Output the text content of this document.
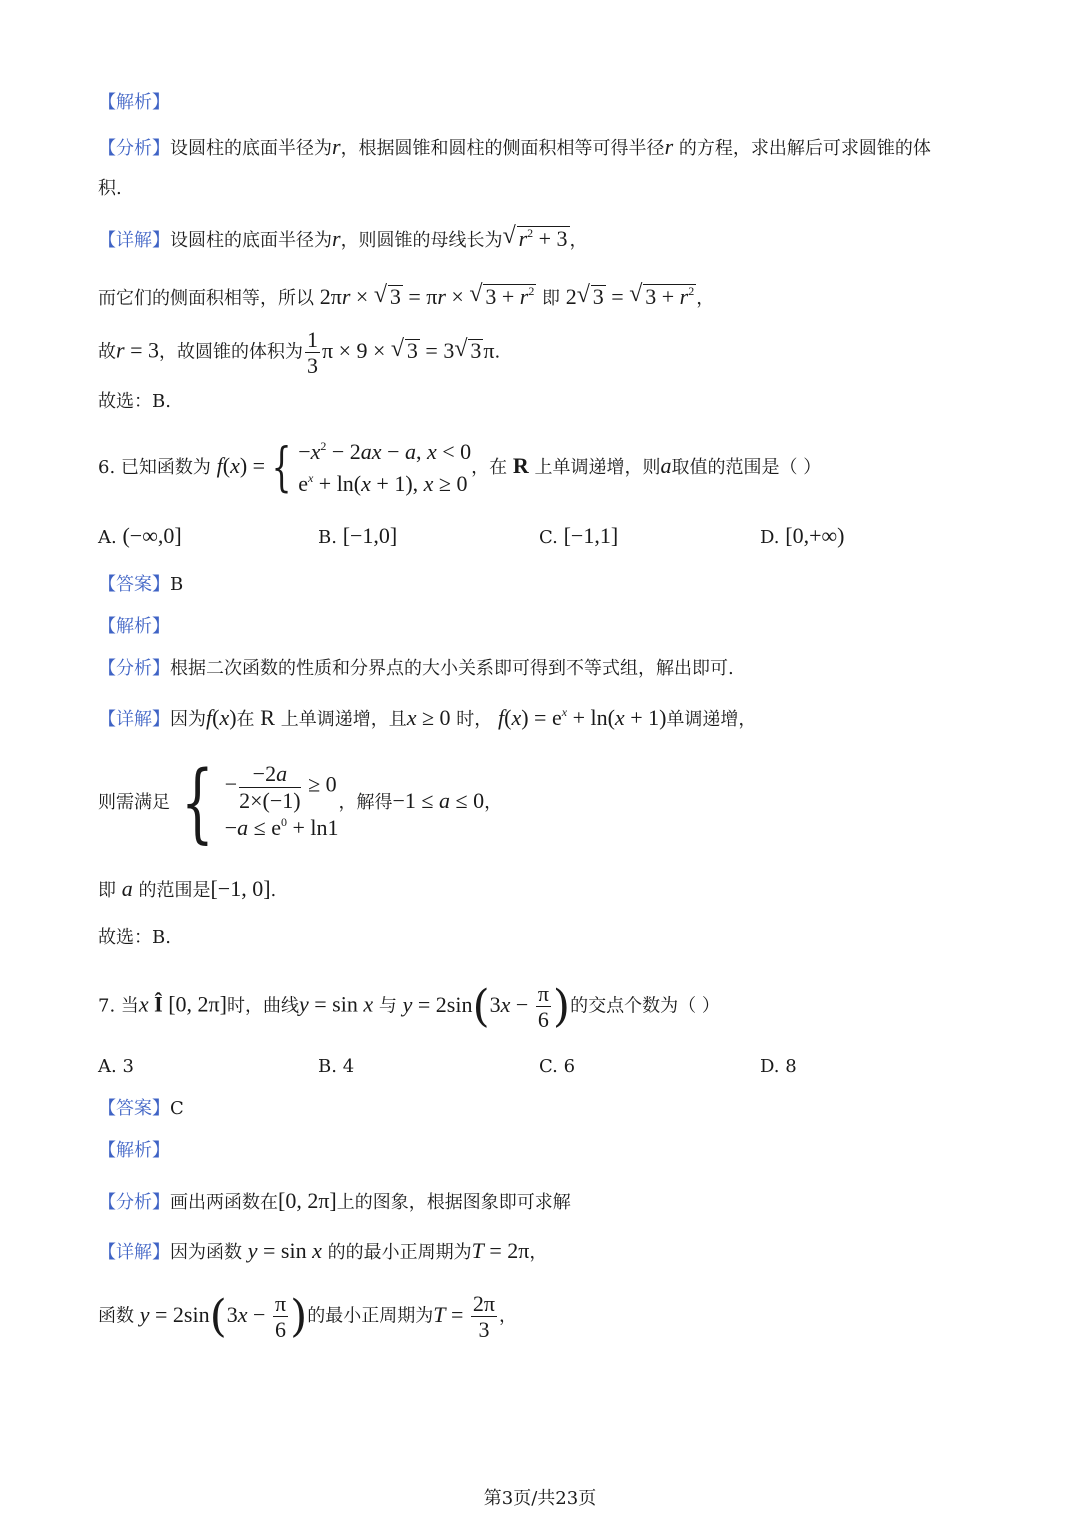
【解析】
【分析】设圆柱的底面半径为r，根据圆锥和圆柱的侧面积相等可得半径r 的方程，求出解后可求圆锥的体
积.
【详解】设圆柱的底面半径为r，则圆锥的母线长为 √ $r^2 + 3$ ，
而它们的侧面积相等，所以 2πr × √ 3 = πr × √ $3 + r^2$ 即 2 √ 3 = √ $3 + r^2$ ，
故r = 3，故圆锥的体积为 $\frac{1}{3}$ π × 9 × √ 3 = 3 √ 3π.
故选：B.
6. 已知函数为 f(x) = { $-x^2 - 2ax - a$, x < 0
$e^x + \ln(x + 1)$, x ≥ 0
，在 R 上单调递增，则a取值的范围是（ ）
A. (−∞,0]	B. [−1,0]	C. [−1,1]	D. [0,+∞)
【答案】B
【解析】
【分析】根据二次函数的性质和分界点的大小关系即可得到不等式组，解出即可.
【详解】因为f(x)在 R 上单调递增，且x ≥ 0 时， $f(x) = e^x + \ln(x + 1)$单调递增，
则需满足 { − $\frac{-2a}{2\times(-1)} \ge 0$
$-a \le e^0 + \ln 1$
，解得−1 ≤ a ≤ 0，
即 a 的范围是[−1, 0].
故选：B.
7. 当x Î [0, 2π]时，曲线y = sin x 与 $y = 2\sin(3x - \frac{\pi}{6}$ )的交点个数为（ ）
A. 3	B. 4	C. 6	D. 8
【答案】C
【解析】
【分析】画出两函数在[0, 2π]上的图象，根据图象即可求解
【详解】因为函数 y = sin x 的的最小正周期为T = 2π，
函数 $y = 2\sin(3x - \frac{\pi}{6}$ )的最小正周期为$T = \frac{2\pi}{3}$ ，
第3页/共23页
